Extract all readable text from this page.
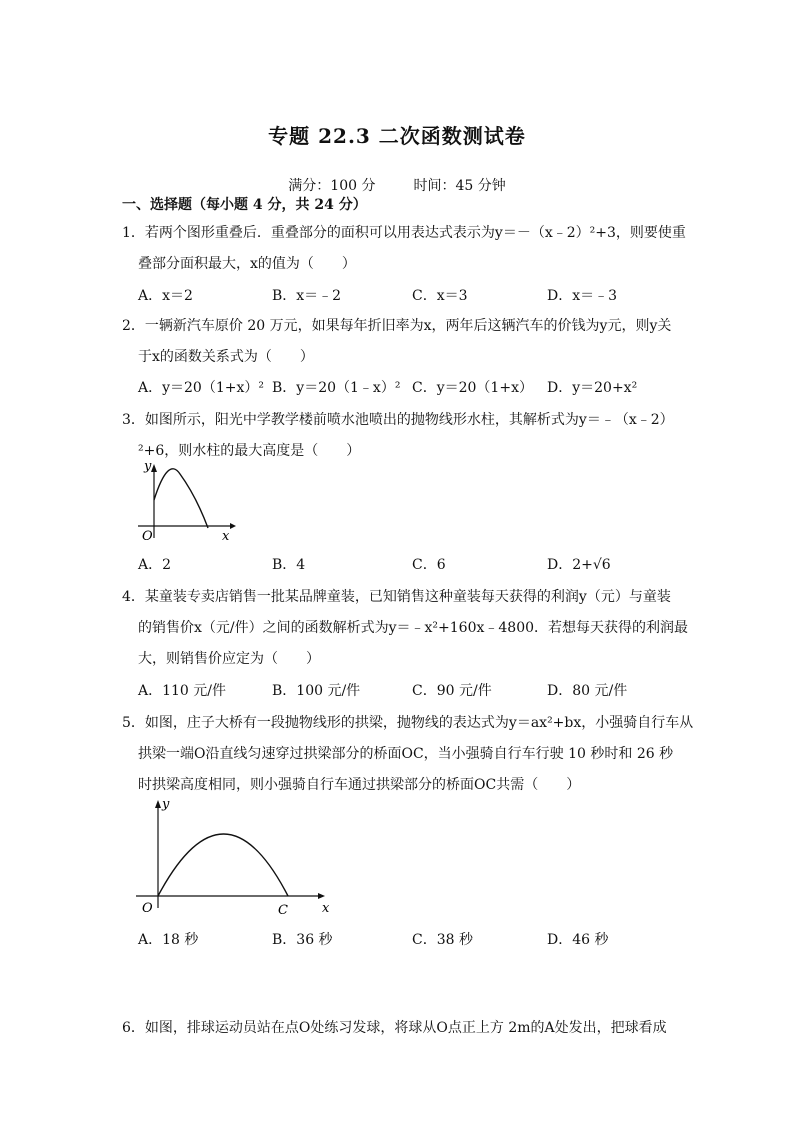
专题 22.3 二次函数测试卷
满分：100 分	时间：45 分钟
一、选择题（每小题 4 分，共 24 分）
1．若两个图形重叠后．重叠部分的面积可以用表达式表示为y＝－（x﹣2）²+3，则要使重
叠部分面积最大，x的值为（　　）
A．x＝2	B．x＝﹣2	C．x＝3	D．x＝﹣3
2．一辆新汽车原价 20 万元，如果每年折旧率为x，两年后这辆汽车的价钱为y元，则y关
于x的函数关系式为（　　）
A．y＝20（1+x）² B．y＝20（1﹣x）² C．y＝20（1+x） D．y＝20+x²
3．如图所示，阳光中学教学楼前喷水池喷出的抛物线形水柱，其解析式为y＝﹣（x﹣2）
²+6，则水柱的最大高度是（　　）
y
x
O
A．2	B．4	C．6	D．2+√6
4．某童装专卖店销售一批某品牌童装，已知销售这种童装每天获得的利润y（元）与童装
的销售价x（元/件）之间的函数解析式为y＝﹣x²+160x﹣4800．若想每天获得的利润最
大，则销售价应定为（　　）
A．110 元/件	B．100 元/件	C．90 元/件	D．80 元/件
5．如图，庄子大桥有一段抛物线形的拱梁，抛物线的表达式为y＝ax²+bx，小强骑自行车从
拱梁一端O沿直线匀速穿过拱梁部分的桥面OC，当小强骑自行车行驶 10 秒时和 26 秒
时拱梁高度相同，则小强骑自行车通过拱梁部分的桥面OC共需（　　）
y
x
O	C
A．18 秒	B．36 秒	C．38 秒	D．46 秒
6．如图，排球运动员站在点O处练习发球，将球从O点正上方 2m的A处发出，把球看成
